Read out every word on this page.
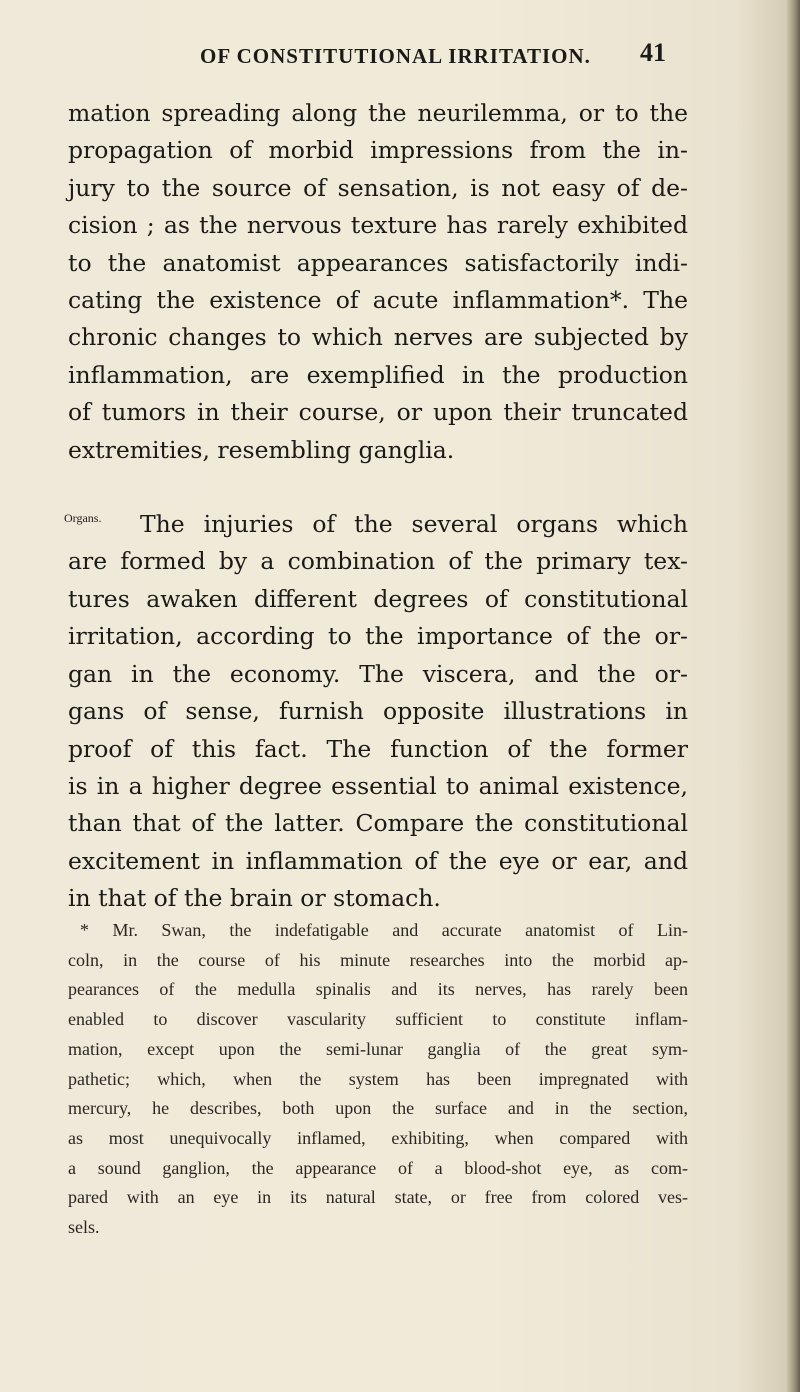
OF CONSTITUTIONAL IRRITATION.	41

mation spreading along the neurilemma, or to the
propagation of morbid impressions from the in-
jury to the source of sensation, is not easy of de-
cision ; as the nervous texture has rarely exhibited
to the anatomist appearances satisfactorily indi-
cating the existence of acute inflammation*. The
chronic changes to which nerves are subjected by
inflammation, are exemplified in the production
of tumors in their course, or upon their truncated
extremities, resembling ganglia.

The injuries of the several organs which
are formed by a combination of the primary tex-
tures awaken different degrees of constitutional
irritation, according to the importance of the or-
gan in the economy. The viscera, and the or-
gans of sense, furnish opposite illustrations in
proof of this fact. The function of the former
is in a higher degree essential to animal existence,
than that of the latter. Compare the constitutional
excitement in inflammation of the eye or ear, and
in that of the brain or stomach.

Organs.
* Mr. Swan, the indefatigable and accurate anatomist of Lin-
coln, in the course of his minute researches into the morbid ap-
pearances of the medulla spinalis and its nerves, has rarely been
enabled to discover vascularity sufficient to constitute inflam-
mation, except upon the semi-lunar ganglia of the great sym-
pathetic; which, when the system has been impregnated with
mercury, he describes, both upon the surface and in the section,
as most unequivocally inflamed, exhibiting, when compared with
a sound ganglion, the appearance of a blood-shot eye, as com-
pared with an eye in its natural state, or free from colored ves-
sels.
